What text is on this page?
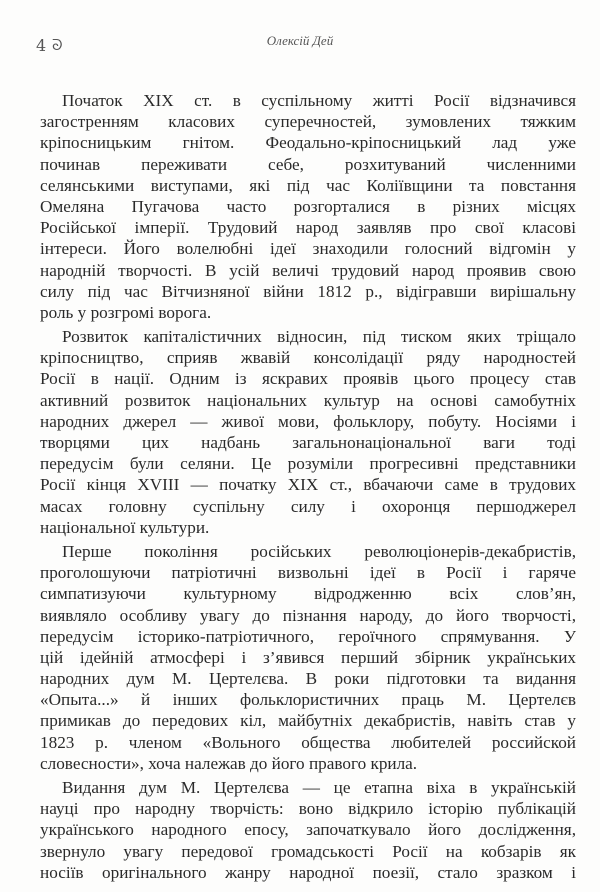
4 ᘐ	Олексій Дей
Початок XIX ст. в суспільному житті Росії відзначився
загостренням класових суперечностей, зумовлених тяжким
кріпосницьким гнітом. Феодально-кріпосницький лад уже
починав переживати себе, розхитуваний численними
селянськими виступами, які під час Коліївщини та повстання
Омеляна Пугачова часто розгорталися в різних місцях
Російської імперії. Трудовий народ заявляв про свої класові
інтереси. Його волелюбні ідеї знаходили голосний відгомін у
народній творчості. В усій величі трудовий народ проявив свою
силу під час Вітчизняної війни 1812 р., відігравши вирішальну
роль у розгромі ворога.
Розвиток капіталістичних відносин, під тиском яких тріщало
кріпосництво, сприяв жвавій консолідації ряду народностей
Росії в нації. Одним із яскравих проявів цього процесу став
активний розвиток національних культур на основі самобутніх
народних джерел — живої мови, фольклору, побуту. Носіями і
творцями цих надбань загальнонаціональної ваги тоді
передусім були селяни. Це розуміли прогресивні представники
Росії кінця XVIII — початку XIX ст., вбачаючи саме в трудових
масах головну суспільну силу і охоронця першоджерел
національної культури.
Перше покоління російських революціонерів-декабристів,
проголошуючи патріотичні визвольні ідеї в Росії і гаряче
симпатизуючи культурному відродженню всіх слов’ян,
виявляло особливу увагу до пізнання народу, до його творчості,
передусім історико-патріотичного, героїчного спрямування. У
цій ідейній атмосфері і з’явився перший збірник українських
народних дум М. Цертелєва. В роки підготовки та видання
«Опыта...» й інших фольклористичних праць М. Цертелєв
примикав до передових кіл, майбутніх декабристів, навіть став у
1823 р. членом «Вольного общества любителей российской
словесности», хоча належав до його правого крила.
Видання дум М. Цертелєва — це етапна віха в українській
науці про народну творчість: воно відкрило історію публікацій
українського народного епосу, започаткувало його дослідження,
звернуло увагу передової громадськості Росії на кобзарів як
носіїв оригінального жанру народної поезії, стало зразком і
